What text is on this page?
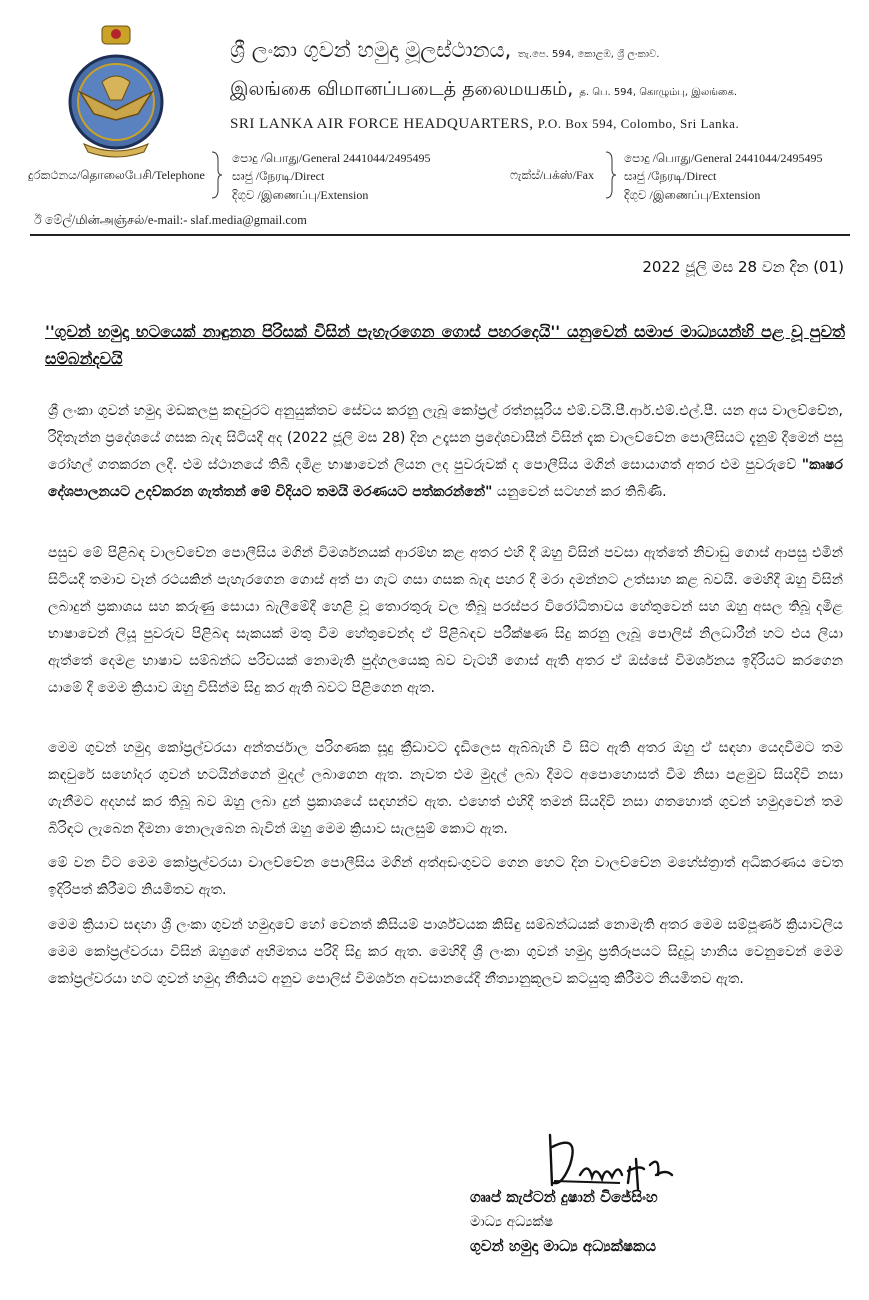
ශ්‍රී ලංකා ගුවන් හමුදා මූලස්ථානය, තැ.පෙ. 594, කොළඹ, ශ්‍රී ලංකාව.
இலங்கை விமானப்படைத் தலைமயகம், த. பெ. 594, கொழும்பு, இலங்கை.
SRI LANKA AIR FORCE HEADQUARTERS, P.O. Box 594, Colombo, Sri Lanka.
දුරකථනය/தொலைபேசி/Telephone
පොදු /பொது/General 2441044/2495495
සෘජු /நேரடி/Direct
දිගුව /இணைப்பு/Extension
ෆැක්ස්/பக்ஸ்/Fax
පොදු /பொது/General 2441044/2495495
සෘජු /நேரடி/Direct
දිගුව /இணைப்பு/Extension
ඊ මේල්/மின்அஞ்சல்/e-mail:- slaf.media@gmail.com
2022 ජූලි මස 28 වන දින (01)
''ගුවන් හමුදා භටයෙක් නාඳුනන පිරිසක් විසින් පැහැරගෙන ගොස් පහරදෙයි'' යනුවෙන් සමාජ මාධ්‍යයන්හි පළ වූ පුවත් සම්බන්දවයි
ශ්‍රී ලංකා ගුවන් හමුදා මඩකලපු කඳවුරට අනුයුක්තව සේවය කරනු ලැබූ කෝප්‍රල් රත්නසූරිය එම්.වයි.පී.ආර්.එම්.එල්.පී. යන අය වාලච්චේන, රිදිතැන්න ප්‍රදේශයේ ගසක බැඳ සිටියදී අද (2022 ජූලි මස 28) දින උදෑසන ප්‍රදේශවාසීන් විසින් දැක වාලච්චේන පොලීසියට දැනුම් දීමෙන් පසු රෝහල් ගතකරන ලදී. එම ස්ථානයේ තිබී දමිළ භාෂාවෙන් ලියන ලද පුවරුවක් ද පොලීසිය මගින් සොයාගත් අතර එම පුවරුවේ "කෘෂර දේශපාලනයට උදව්කරන ගැත්තන් මේ විදියට තමයි මරණයට පත්කරන්නේ" යනුවෙන් සටහන් කර තිබිණි.
පසුව මේ පිළිබඳ වාලච්චේන පොලීසිය මගින් විමර්ශනයක් ආරම්භ කළ අතර එහි දී ඔහු විසින් පවසා ඇත්තේ නිවාඩු ගොස් ආපසු එමින් සිටියදී තමාව වෑන් රථයකින් පැහැරගෙන ගොස් අත් පා ගැට ගසා ගසක බැඳ පහර දී මරා දමන්නට උත්සාහ කළ බවයි. මෙහිදී ඔහු විසින් ලබාදුන් ප්‍රකාශය සහ කරුණු සොයා බැලීමේදී හෙළි වූ තොරතුරු වල තිබූ පරස්පර විරෝධිතාවය හේතුවෙන් සහ ඔහු අසල තිබූ දමිළ භාෂාවෙන් ලියූ පුවරුව පිළිබඳ සැකයක් මතු වීම හේතුවෙන්ද ඒ පිළිබඳව පරීක්ෂණ සිදු කරනු ලැබූ පොලිස් නිලධාරීන් හට එය ලියා ඇත්තේ දෙමළ භාෂාව සම්බන්ධ පරිචයක් නොමැති පුද්ගලයෙකු බව වැටහී ගොස් ඇති අතර ඒ ඔස්සේ විමර්ශනය ඉදිරියට කරගෙන යාමේ දී මෙම ක්‍රියාව ඔහු විසින්ම සිදු කර ඇති බවට පිළිගෙන ඇත.
මෙම ගුවන් හමුදා කෝප්‍රල්වරයා අන්තර්ජාල පරිගණක සූදු ක්‍රීඩාවට දැඩිලෙස ඇබ්බැහි වී සිට ඇති අතර ඔහු ඒ සඳහා යෙදවීමට තම කඳවුරේ සහෝදර ගුවන් භටයින්ගෙන් මුදල් ලබාගෙන ඇත. නැවත එම මුදල් ලබා දීමට අපොහොසත් වීම නිසා පළමුව සියදිවි නසා ගැනීමට අදහස් කර තිබූ බව ඔහු ලබා දුන් ප්‍රකාශයේ සඳහන්ව ඇත. එහෙත් එහිදී තමන් සියදිවි නසා ගතහොත් ගුවන් හමුදාවෙන් තම බිරිඳට ලැබෙන දීමනා නොලැබෙන බැවින් ඔහු මෙම ක්‍රියාව සැලසුම් කොට ඇත.
මේ වන විට මෙම කෝප්‍රල්වරයා වාලච්චේන පොලීසිය මගින් අත්අඩංගුවට ගෙන හෙට දින වාලච්චේන මහේස්ත්‍රාත් අධිකරණය වෙත ඉදිරිපත් කිරීමට නියමිතව ඇත.
මෙම ක්‍රියාව සඳහා ශ්‍රී ලංකා ගුවන් හමුදාවේ හෝ වෙනත් කිසියම් පාර්ශ්වයක කිසිඳු සම්බන්ධයක් නොමැති අතර මෙම සම්පූර්ණ ක්‍රියාවලිය මෙම කෝප්‍රල්වරයා විසින් ඔහුගේ අභිමතය පරිදි සිදු කර ඇත. මෙහිදී ශ්‍රී ලංකා ගුවන් හමුදා ප්‍රතිරූපයට සිදුවූ හානිය වෙනුවෙන් මෙම කෝප්‍රල්වරයා හට ගුවන් හමුදා නීතියට අනුව පොලිස් විමර්ශන අවසානයේදී නීත්‍යානුකූලව කටයුතු කිරීමට නියමිතව ඇත.
ගෲප් කැප්ටන් දුෂාන් විජේසිංහ
මාධ්‍ය අධ්‍යක්ෂ
ගුවන් හමුදා මාධ්‍ය අධ්‍යක්ෂකය
